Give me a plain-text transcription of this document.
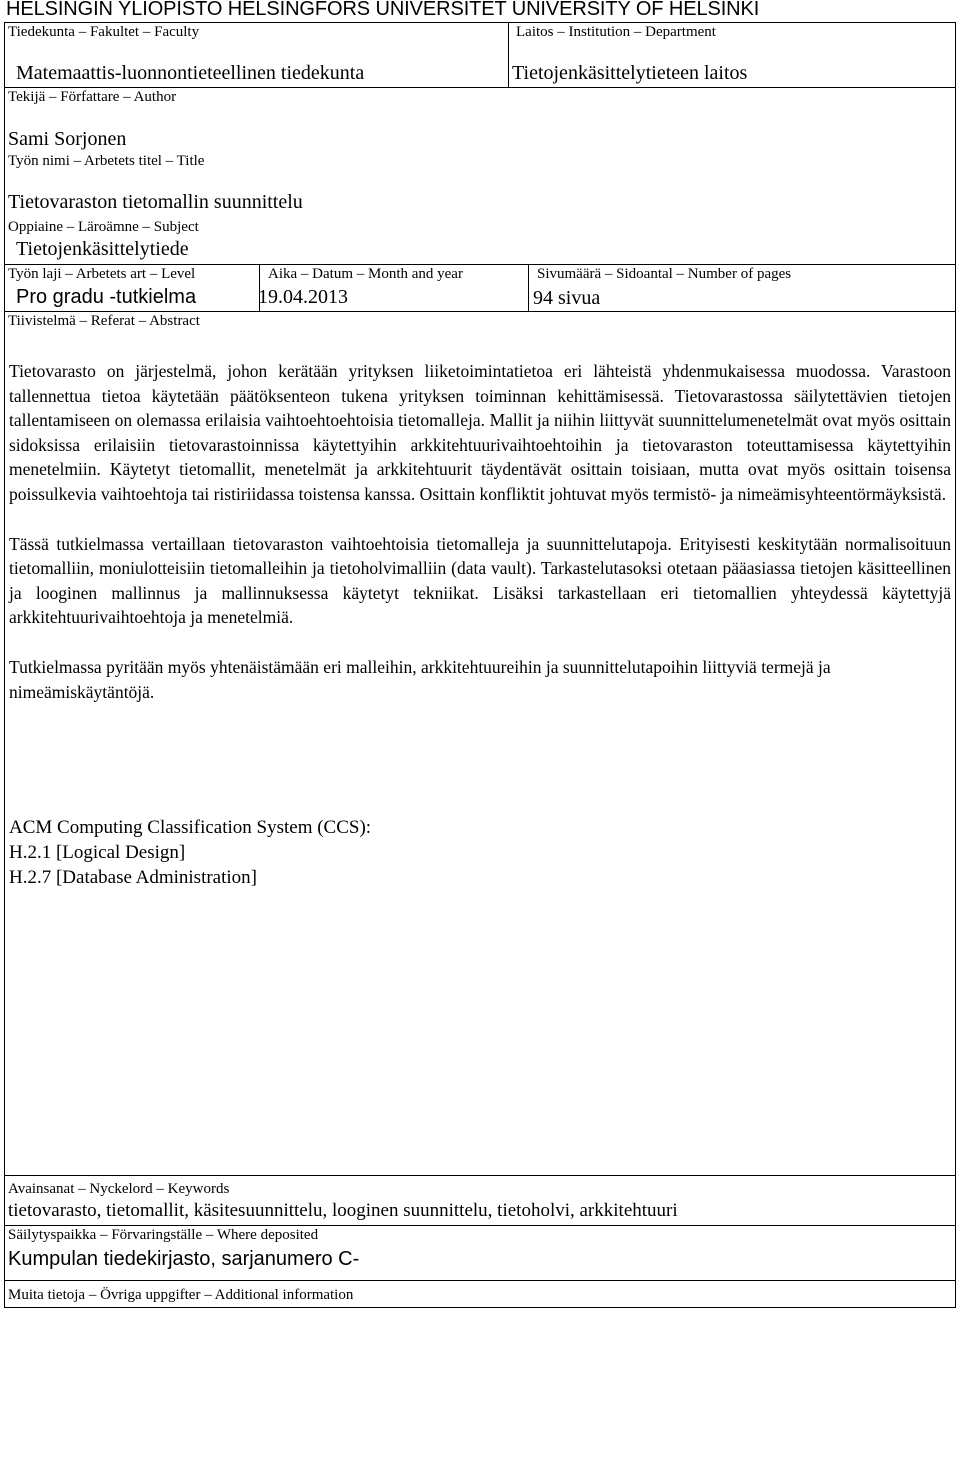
HELSINGIN YLIOPISTO HELSINGFORS UNIVERSITET UNIVERSITY OF HELSINKI
Tiedekunta – Fakultet – Faculty
Matemaattis-luonnontieteellinen tiedekunta
Laitos – Institution – Department
Tietojenkäsittelytieteen laitos
Tekijä – Författare – Author
Sami Sorjonen
Työn nimi – Arbetets titel – Title
Tietovaraston tietomallin suunnittelu
Oppiaine – Läroämne – Subject
Tietojenkäsittelytiede
Työn laji – Arbetets art – Level
Pro gradu -tutkielma
Aika – Datum – Month and year
19.04.2013
Sivumäärä – Sidoantal – Number of pages
94 sivua
Tiivistelmä – Referat – Abstract

Tietovarasto on järjestelmä, johon kerätään yrityksen liiketoimintatietoa eri lähteistä yhdenmukaisessa muodossa. Varastoon tallennettua tietoa käytetään päätöksenteon tukena yrityksen toiminnan kehittämisessä. Tietovarastossa säilytettävien tietojen tallentamiseen on olemassa erilaisia vaihtoehtoehtoisia tietomalleja. Mallit ja niihin liittyvät suunnittelumenetelmät ovat myös osittain sidoksissa erilaisiin tietovarastoinnissa käytettyihin arkkitehtuurivaihtoehtoihin ja tietovaraston toteuttamisessa käytettyihin menetelmiin. Käytetyt tietomallit, menetelmät ja arkkitehtuurit täydentävät osittain toisiaan, mutta ovat myös osittain toisensa poissulkevia vaihtoehtoja tai ristiriidassa toistensa kanssa. Osittain konfliktit johtuvat myös termistö- ja nimeämisyhteentörmäyksistä.

Tässä tutkielmassa vertaillaan tietovaraston vaihtoehtoisia tietomalleja ja suunnittelutapoja. Erityisesti keskitytään normalisoituun tietomalliin, moniulotteisiin tietomalleihin ja tietoholvimalliin (data vault). Tarkastelutasoksi otetaan pääasiassa tietojen käsitteellinen ja looginen mallinnus ja mallinnuksessa käytetyt tekniikat. Lisäksi tarkastellaan eri tietomallien yhteydessä käytettyjä arkkitehtuurivaihtoehtoja ja menetelmiä.

Tutkielmassa pyritään myös yhtenäistämään eri malleihin, arkkitehtuureihin ja suunnittelutapoihin liittyviä termejä ja nimeämiskäytäntöjä.

ACM Computing Classification System (CCS):
H.2.1 [Logical Design]
H.2.7 [Database Administration]
Avainsanat – Nyckelord – Keywords
tietovarasto, tietomallit, käsitesuunnittelu, looginen suunnittelu, tietoholvi, arkkitehtuuri
Säilytyspaikka – Förvaringställe – Where deposited
Kumpulan tiedekirjasto, sarjanumero C-
Muita tietoja – Övriga uppgifter – Additional information
